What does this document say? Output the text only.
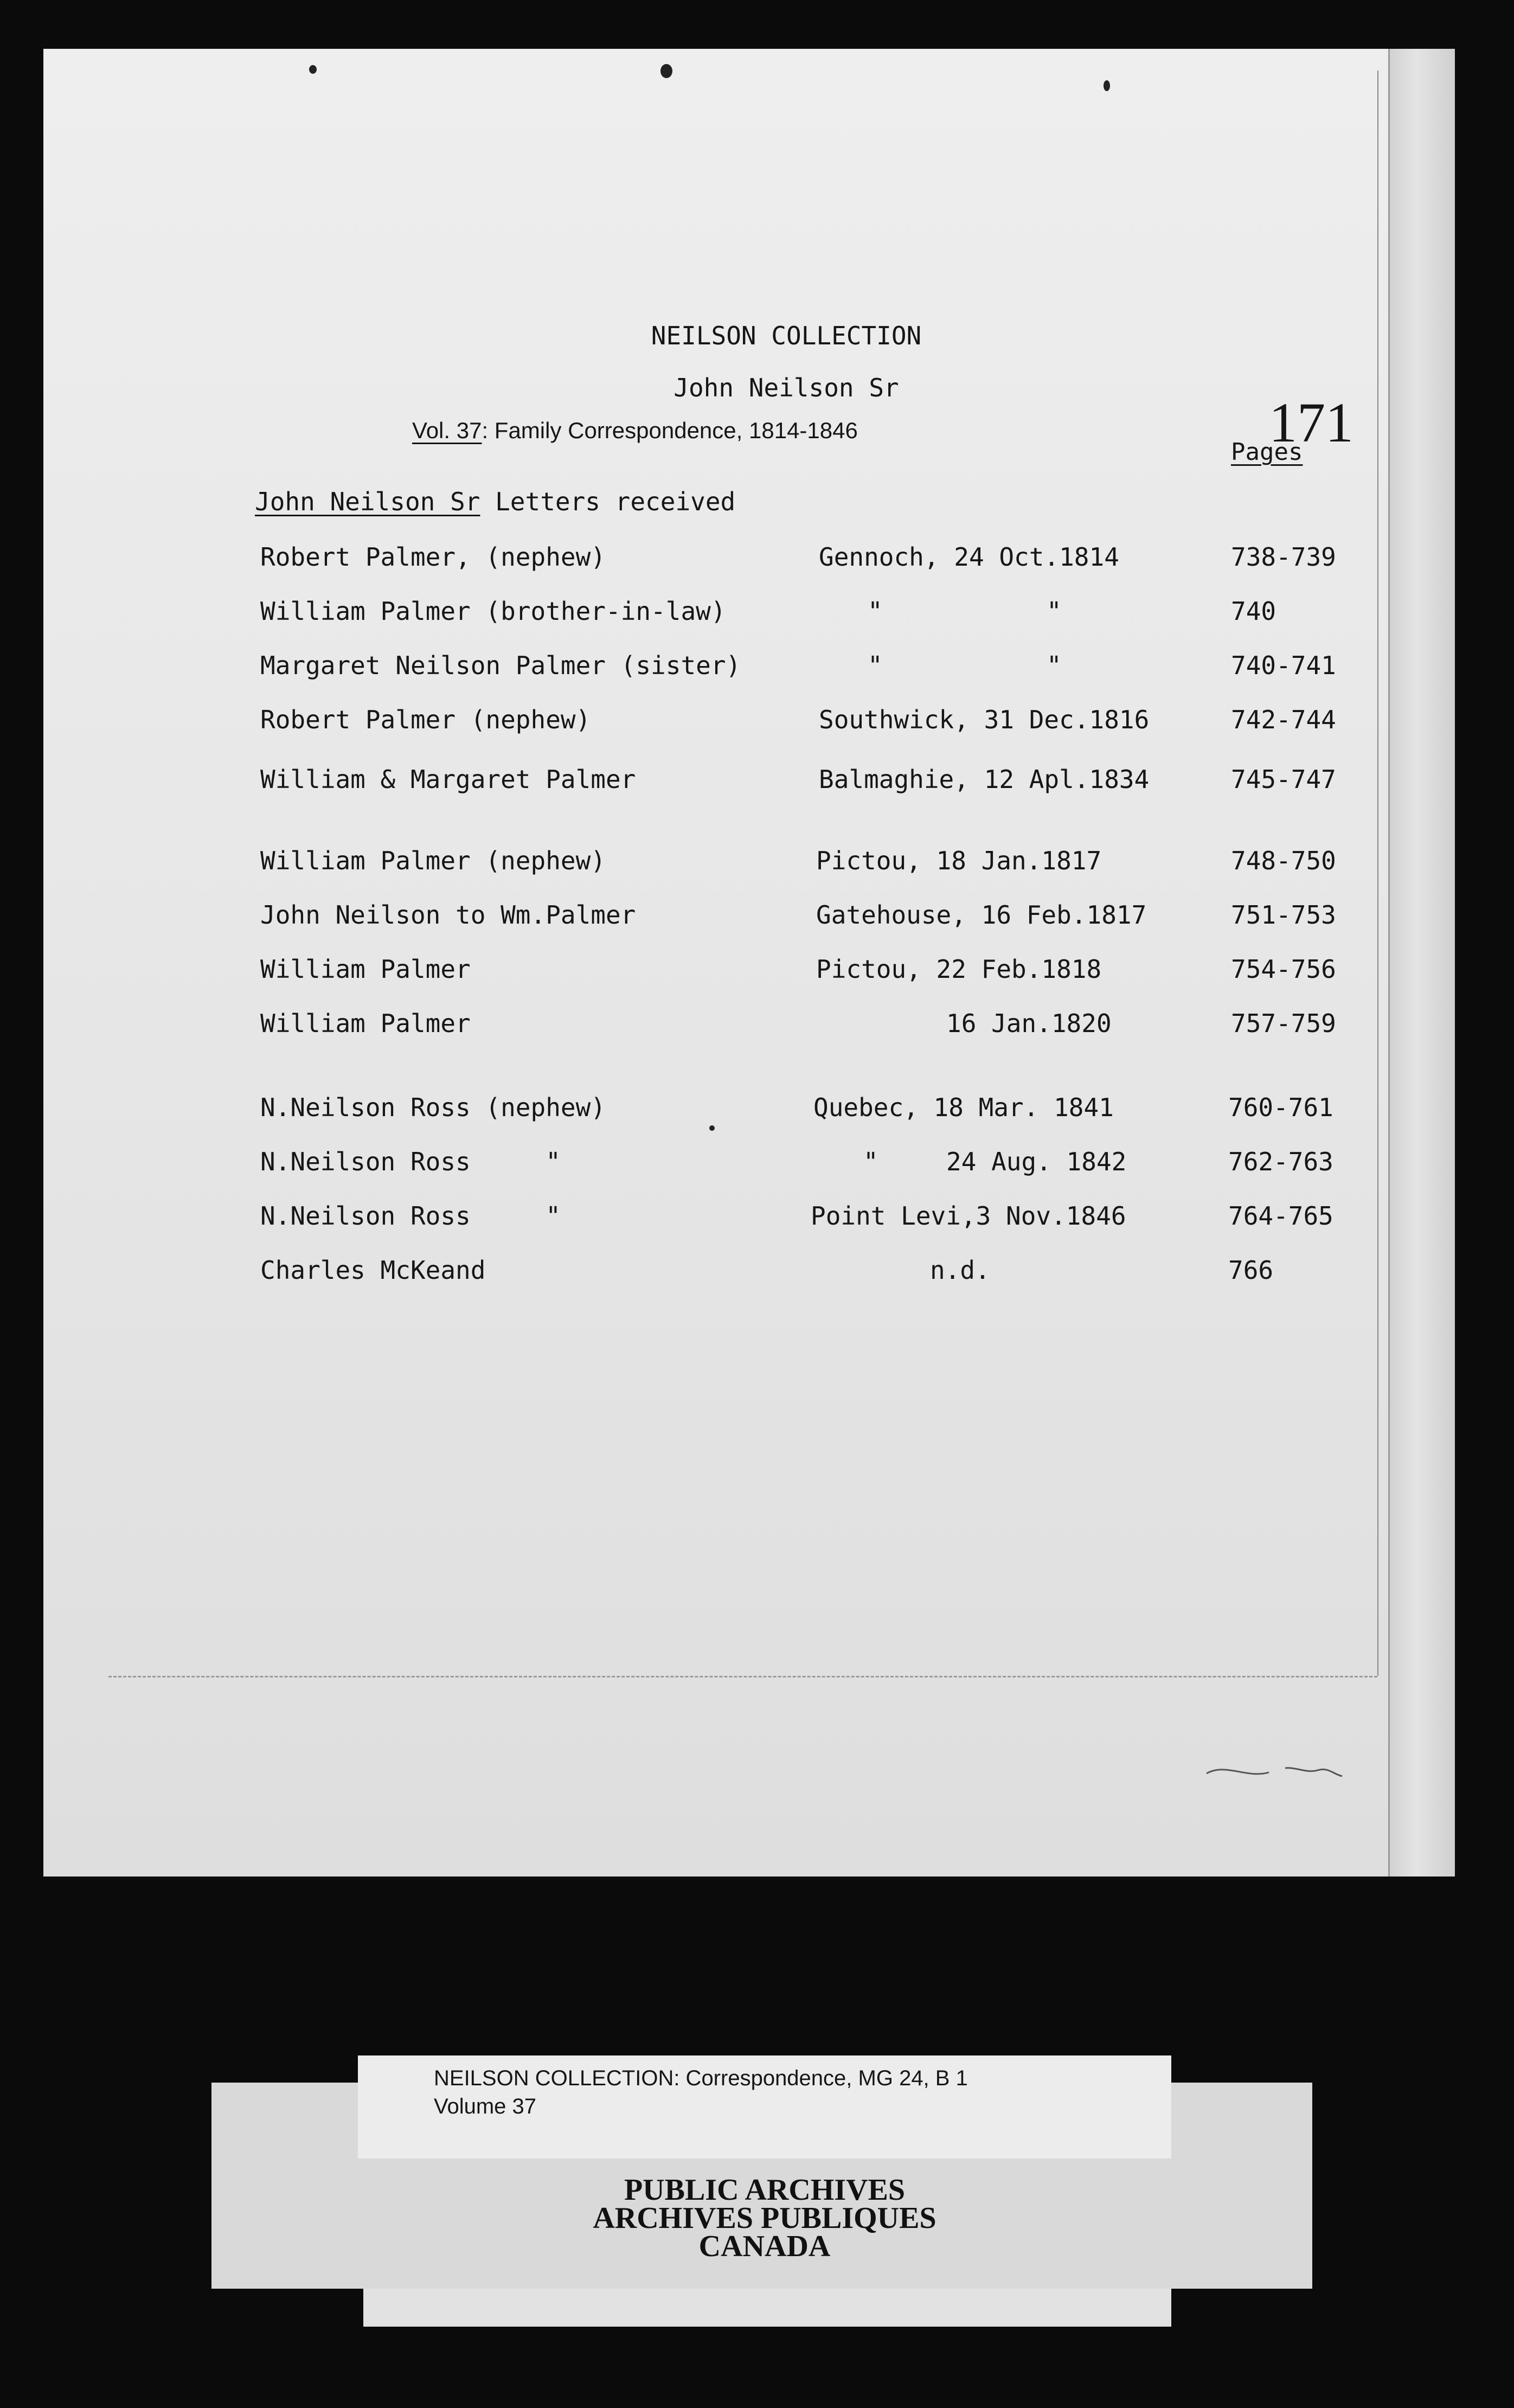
NEILSON COLLECTION
John Neilson Sr
Vol. 37: Family Correspondence, 1814-1846	171
Pages
John Neilson Sr Letters received
Robert Palmer, (nephew)	Gennoch, 24 Oct.1814	738-739
William Palmer (brother-in-law)	"	"	740
Margaret Neilson Palmer (sister)	"	"	740-741
Robert Palmer (nephew)	Southwick, 31 Dec.1816	742-744
William & Margaret Palmer	Balmaghie, 12 Apl.1834	745-747
William Palmer (nephew)	Pictou, 18 Jan.1817	748-750
John Neilson to Wm.Palmer	Gatehouse, 16 Feb.1817	751-753
William Palmer	Pictou, 22 Feb.1818	754-756
William Palmer	16 Jan.1820	757-759
N.Neilson Ross (nephew)	Quebec, 18 Mar. 1841	760-761
N.Neilson Ross     "	"	24 Aug. 1842	762-763
N.Neilson Ross     "	Point Levi,3 Nov.1846	764-765
Charles McKeand	n.d.	766
NEILSON COLLECTION: Correspondence, MG 24, B 1
Volume 37
PUBLIC ARCHIVES
ARCHIVES PUBLIQUES
CANADA
